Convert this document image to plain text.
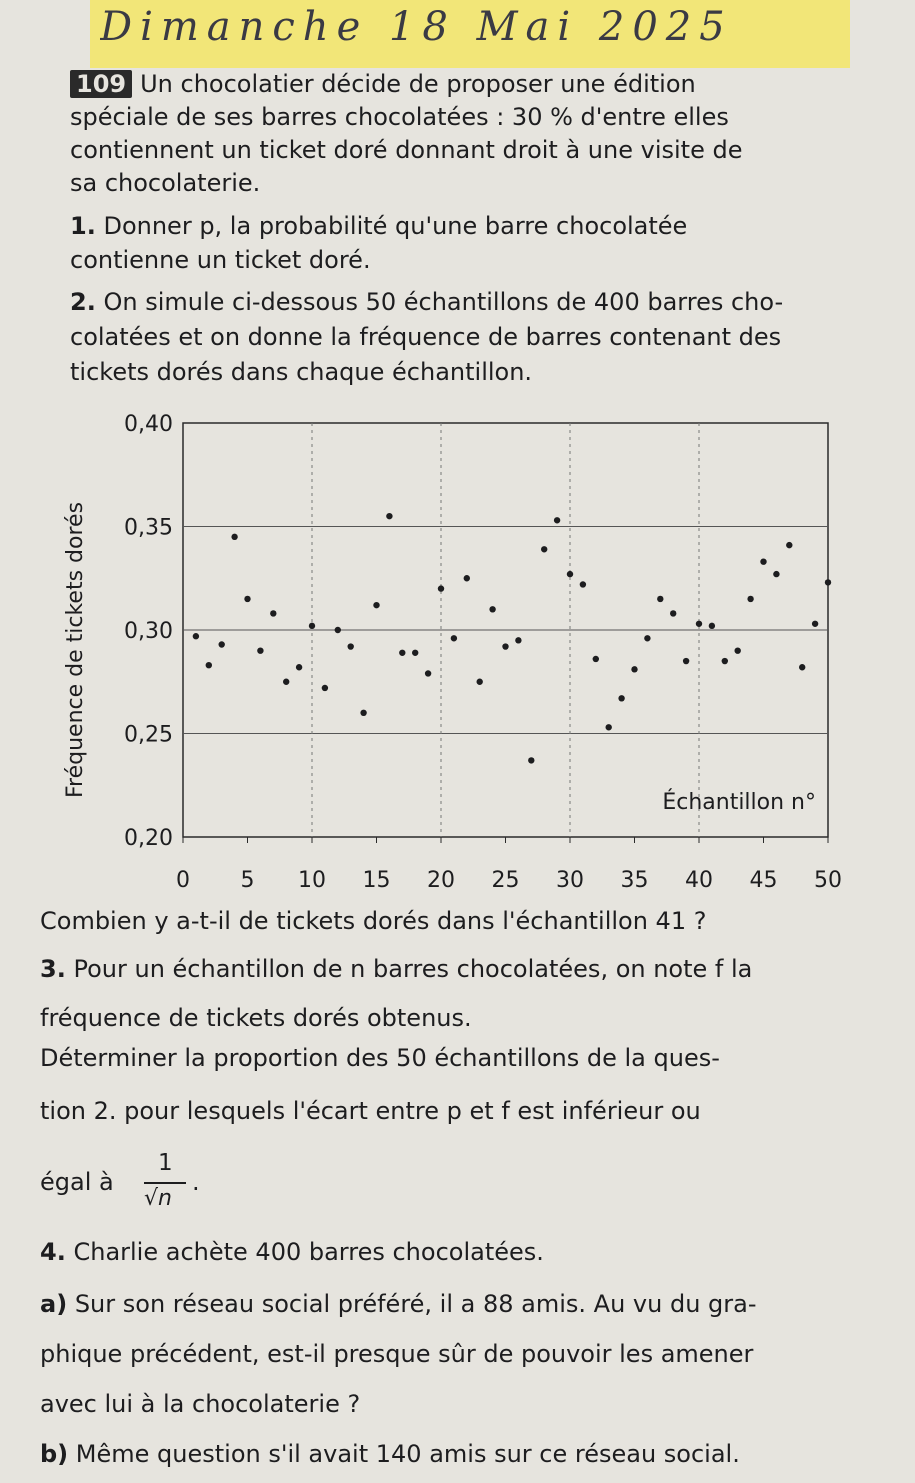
Dimanche 18 Mai 2025
109 Un chocolatier décide de proposer une édition
spéciale de ses barres chocolatées : 30 % d'entre elles
contiennent un ticket doré donnant droit à une visite de
sa chocolaterie.
1. Donner p, la probabilité qu'une barre chocolatée
contienne un ticket doré.
2. On simule ci-dessous 50 échantillons de 400 barres cho-
colatées et on donne la fréquence de barres contenant des
tickets dorés dans chaque échantillon.
0,20
0,25
0,30
0,35
0,40
0 5 10 15 20 25 30 35 40 45 50
Échantillon n°
Fréquence de tickets dorés
Combien y a-t-il de tickets dorés dans l'échantillon 41 ?
3. Pour un échantillon de n barres chocolatées, on note f la
fréquence de tickets dorés obtenus.
Déterminer la proportion des 50 échantillons de la ques-
tion 2. pour lesquels l'écart entre p et f est inférieur ou
égal à
1
√n
.
4. Charlie achète 400 barres chocolatées.
a) Sur son réseau social préféré, il a 88 amis. Au vu du gra-
phique précédent, est-il presque sûr de pouvoir les amener
avec lui à la chocolaterie ?
b) Même question s'il avait 140 amis sur ce réseau social.
